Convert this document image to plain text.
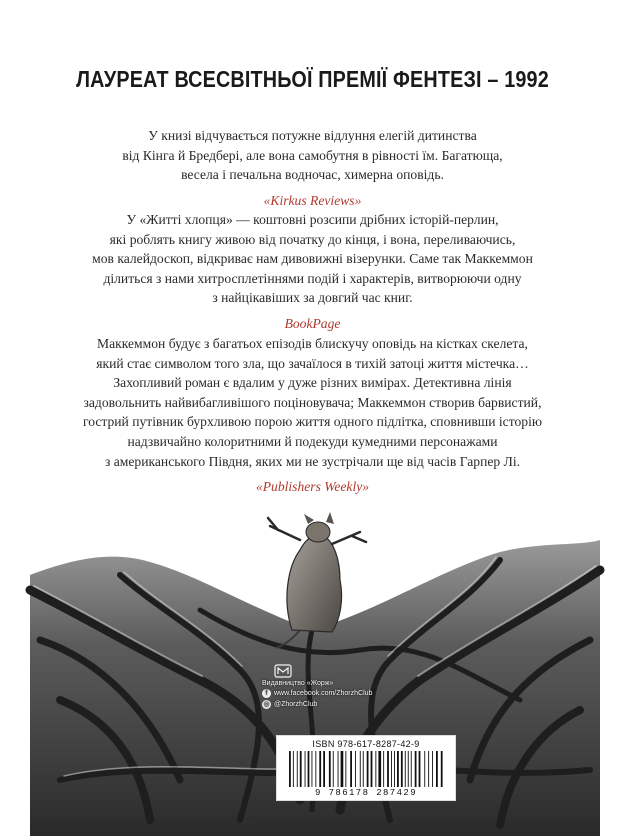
ЛАУРЕАТ ВСЕСВІТНЬОЇ ПРЕМІЇ ФЕНТЕЗІ – 1992

У книзі відчувається потужне відлуння елегій дитинства

від Кінга й Бредбері, але вона самобутня в рівності їм. Багатюща,

весела і печальна водночас, химерна оповідь.

«Kirkus Reviews»

У «Житті хлопця» — коштовні розсипи дрібних історій-перлин,

які роблять книгу живою від початку до кінця, і вона, переливаючись,

мов калейдоскоп, відкриває нам дивовижні візерунки. Саме так Маккеммон

ділиться з нами хитросплетіннями подій і характерів, витворюючи одну

з найцікавіших за довгий час книг.

BookPage

Маккеммон будує з багатьох епізодів блискучу оповідь на кістках скелета,

який стає символом того зла, що зачаїлося в тихій затоці життя містечка…

Захопливий роман є вдалим у дуже різних вимірах. Детективна лінія

задовольнить найвибагливішого поціновувача; Маккеммон створив барвистий,

гострий путівник бурхливою порою життя одного підлітка, сповнивши історію

надзвичайно колоритними й подекуди кумедними персонажами

з американського Півдня, яких ми не зустрічали ще від часів Гарпер Лі.

«Publishers Weekly»

Видавництво «Жорж»
f www.facebook.com/ZhorzhClub
◎ @ZhorzhClub
ISBN 978-617-8287-42-9
9 786178 287429
